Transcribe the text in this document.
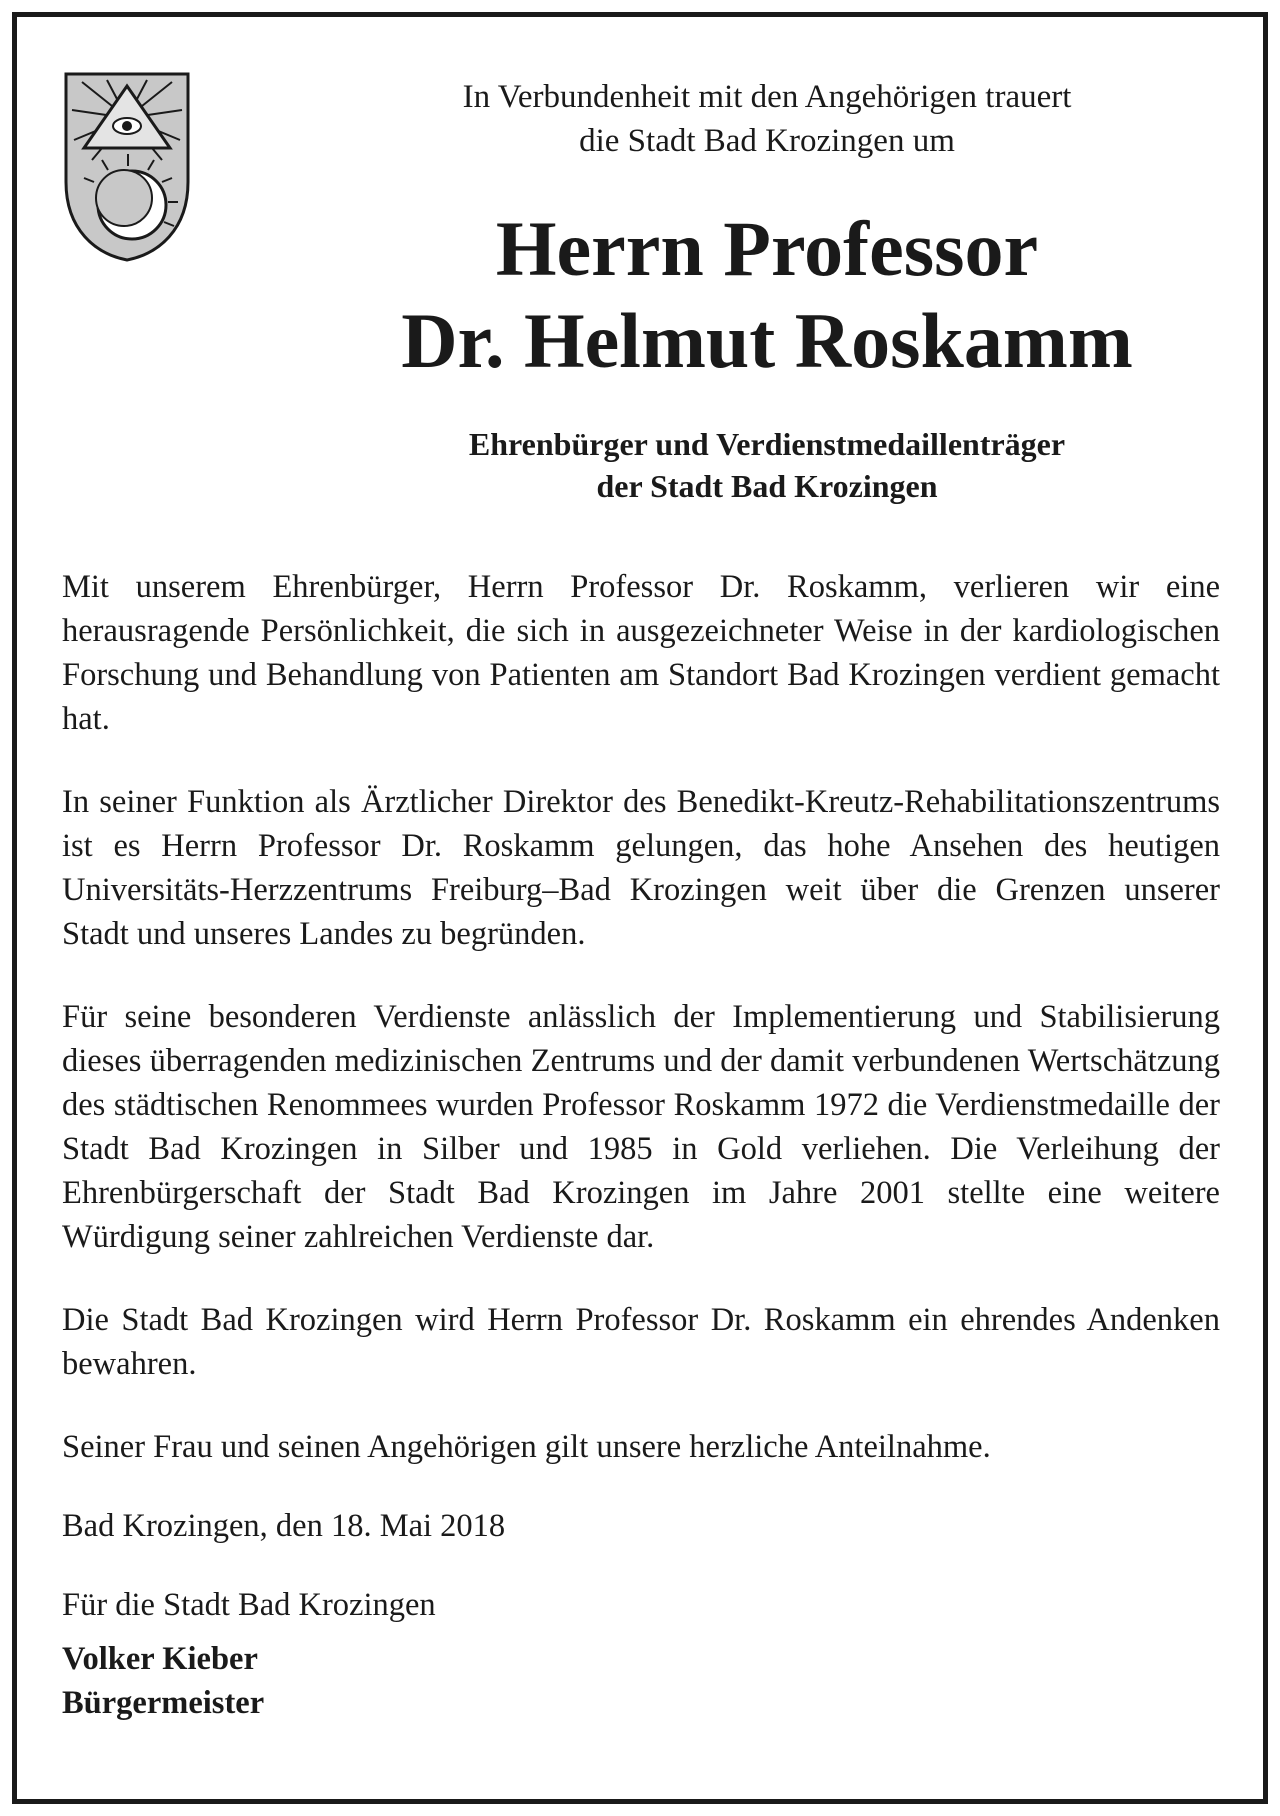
In Verbundenheit mit den Angehörigen trauert

die Stadt Bad Krozingen um

Herrn Professor

Dr. Helmut Roskamm

Ehrenbürger und Verdienstmedaillenträger

der Stadt Bad Krozingen

Mit unserem Ehrenbürger, Herrn Professor Dr. Roskamm, verlieren wir eine herausragende Persönlichkeit, die sich in ausgezeichneter Weise in der kardiologischen Forschung und Behandlung von Patienten am Standort Bad Krozingen verdient gemacht hat.

In seiner Funktion als Ärztlicher Direktor des Benedikt-Kreutz-Rehabilitationszentrums ist es Herrn Professor Dr. Roskamm gelungen, das hohe Ansehen des heutigen Universitäts-Herzzentrums Freiburg–Bad Krozingen weit über die Grenzen unserer Stadt und unseres Landes zu begründen.

Für seine besonderen Verdienste anlässlich der Implementierung und Stabilisierung dieses überragenden medizinischen Zentrums und der damit verbundenen Wertschätzung des städtischen Renommees wurden Professor Roskamm 1972 die Verdienstmedaille der Stadt Bad Krozingen in Silber und 1985 in Gold verliehen. Die Verleihung der Ehrenbürgerschaft der Stadt Bad Krozingen im Jahre 2001 stellte eine weitere Würdigung seiner zahlreichen Verdienste dar.

Die Stadt Bad Krozingen wird Herrn Professor Dr. Roskamm ein ehrendes Andenken bewahren.

Seiner Frau und seinen Angehörigen gilt unsere herzliche Anteilnahme.

Bad Krozingen, den 18. Mai 2018

Für die Stadt Bad Krozingen

Volker Kieber

Bürgermeister
